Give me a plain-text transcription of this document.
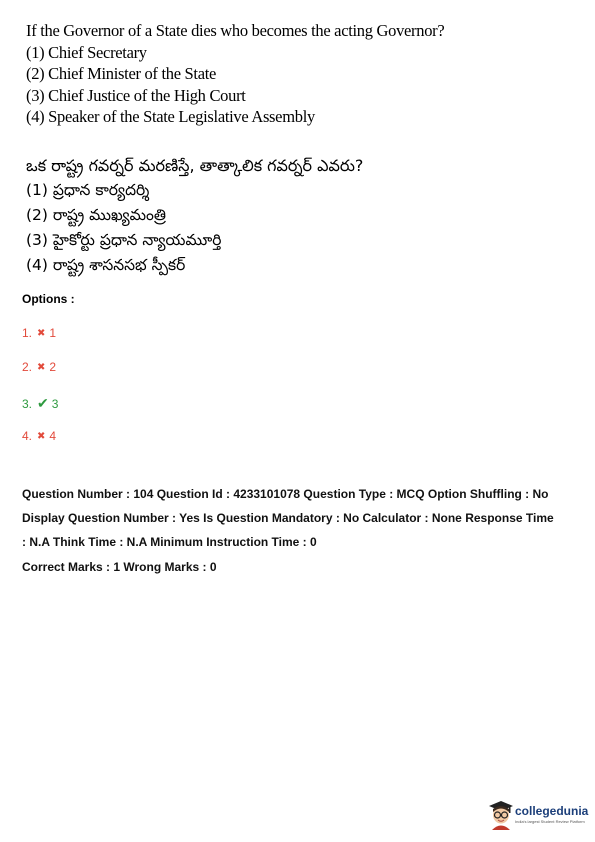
If the Governor of a State dies who becomes the acting Governor?
(1) Chief Secretary
(2) Chief Minister of the State
(3) Chief Justice of the High Court
(4) Speaker of the State Legislative Assembly
ఒక రాష్ట్ర గవర్నర్ మరణిస్తే, తాత్కాలిక గవర్నర్ ఎవరు?
(1) ప్రధాన కార్యదర్శి
(2) రాష్ట్ర ముఖ్యమంత్రి
(3) హైకోర్టు ప్రధాన న్యాయమూర్తి
(4) రాష్ట్ర శాసనసభ స్పీకర్
Options :
1. ✖ 1
2. ✖ 2
3. ✔ 3
4. ✖ 4
Question Number : 104 Question Id : 4233101078 Question Type : MCQ Option Shuffling : No
Display Question Number : Yes Is Question Mandatory : No Calculator : None Response Time
: N.A Think Time : N.A Minimum Instruction Time : 0
Correct Marks : 1 Wrong Marks : 0
collegedunia
India's largest Student Review Platform
